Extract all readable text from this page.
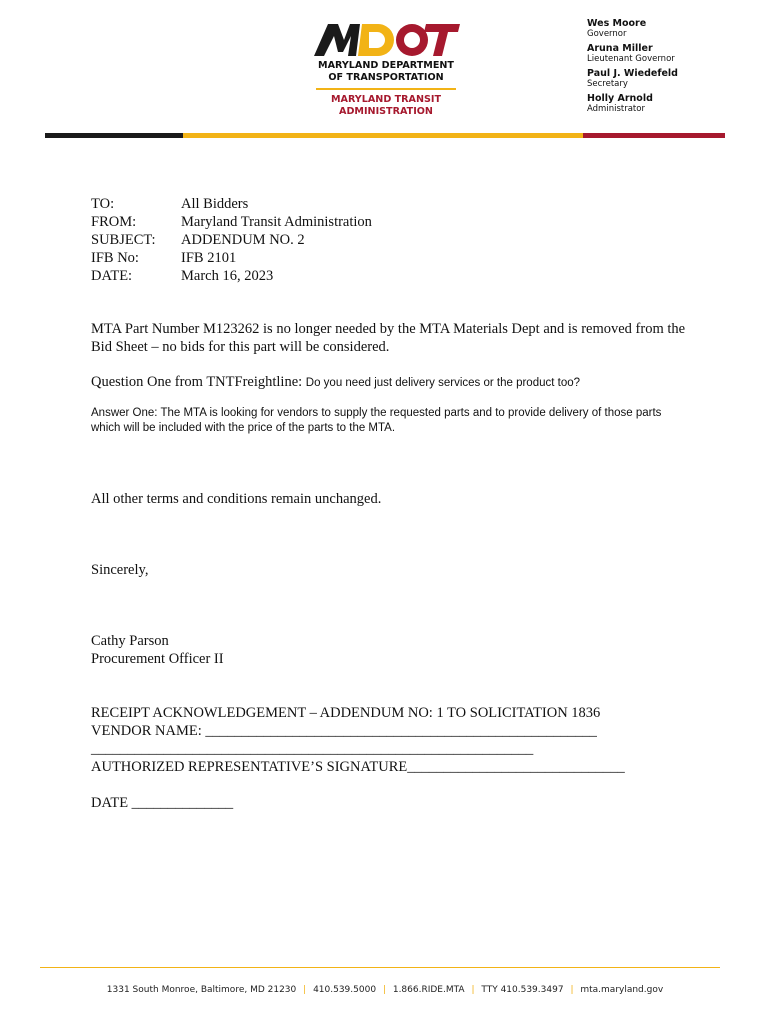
MARYLAND DEPARTMENT
OF TRANSPORTATION
MARYLAND TRANSIT
ADMINISTRATION
Wes Moore
Governor
Aruna Miller
Lieutenant Governor
Paul J. Wiedefeld
Secretary
Holly Arnold
Administrator
TO:	All Bidders
FROM:	Maryland Transit Administration
SUBJECT:	ADDENDUM NO. 2
IFB No:	IFB 2101
DATE:	March 16, 2023
MTA Part Number M123262 is no longer needed by the MTA Materials Dept and is removed from the Bid Sheet – no bids for this part will be considered.
Question One from TNTFreightline: Do you need just delivery services or the product too?
Answer One: The MTA is looking for vendors to supply the requested parts and to provide delivery of those parts which will be included with the price of the parts to the MTA.
All other terms and conditions remain unchanged.
Sincerely,
Cathy Parson
Procurement Officer II
RECEIPT ACKNOWLEDGEMENT – ADDENDUM NO: 1 TO SOLICITATION 1836
VENDOR NAME: ______________________________________________________
_____________________________________________________________
AUTHORIZED REPRESENTATIVE’S SIGNATURE______________________________
DATE ______________
1331 South Monroe, Baltimore, MD 21230 | 410.539.5000 | 1.866.RIDE.MTA | TTY 410.539.3497 | mta.maryland.gov
